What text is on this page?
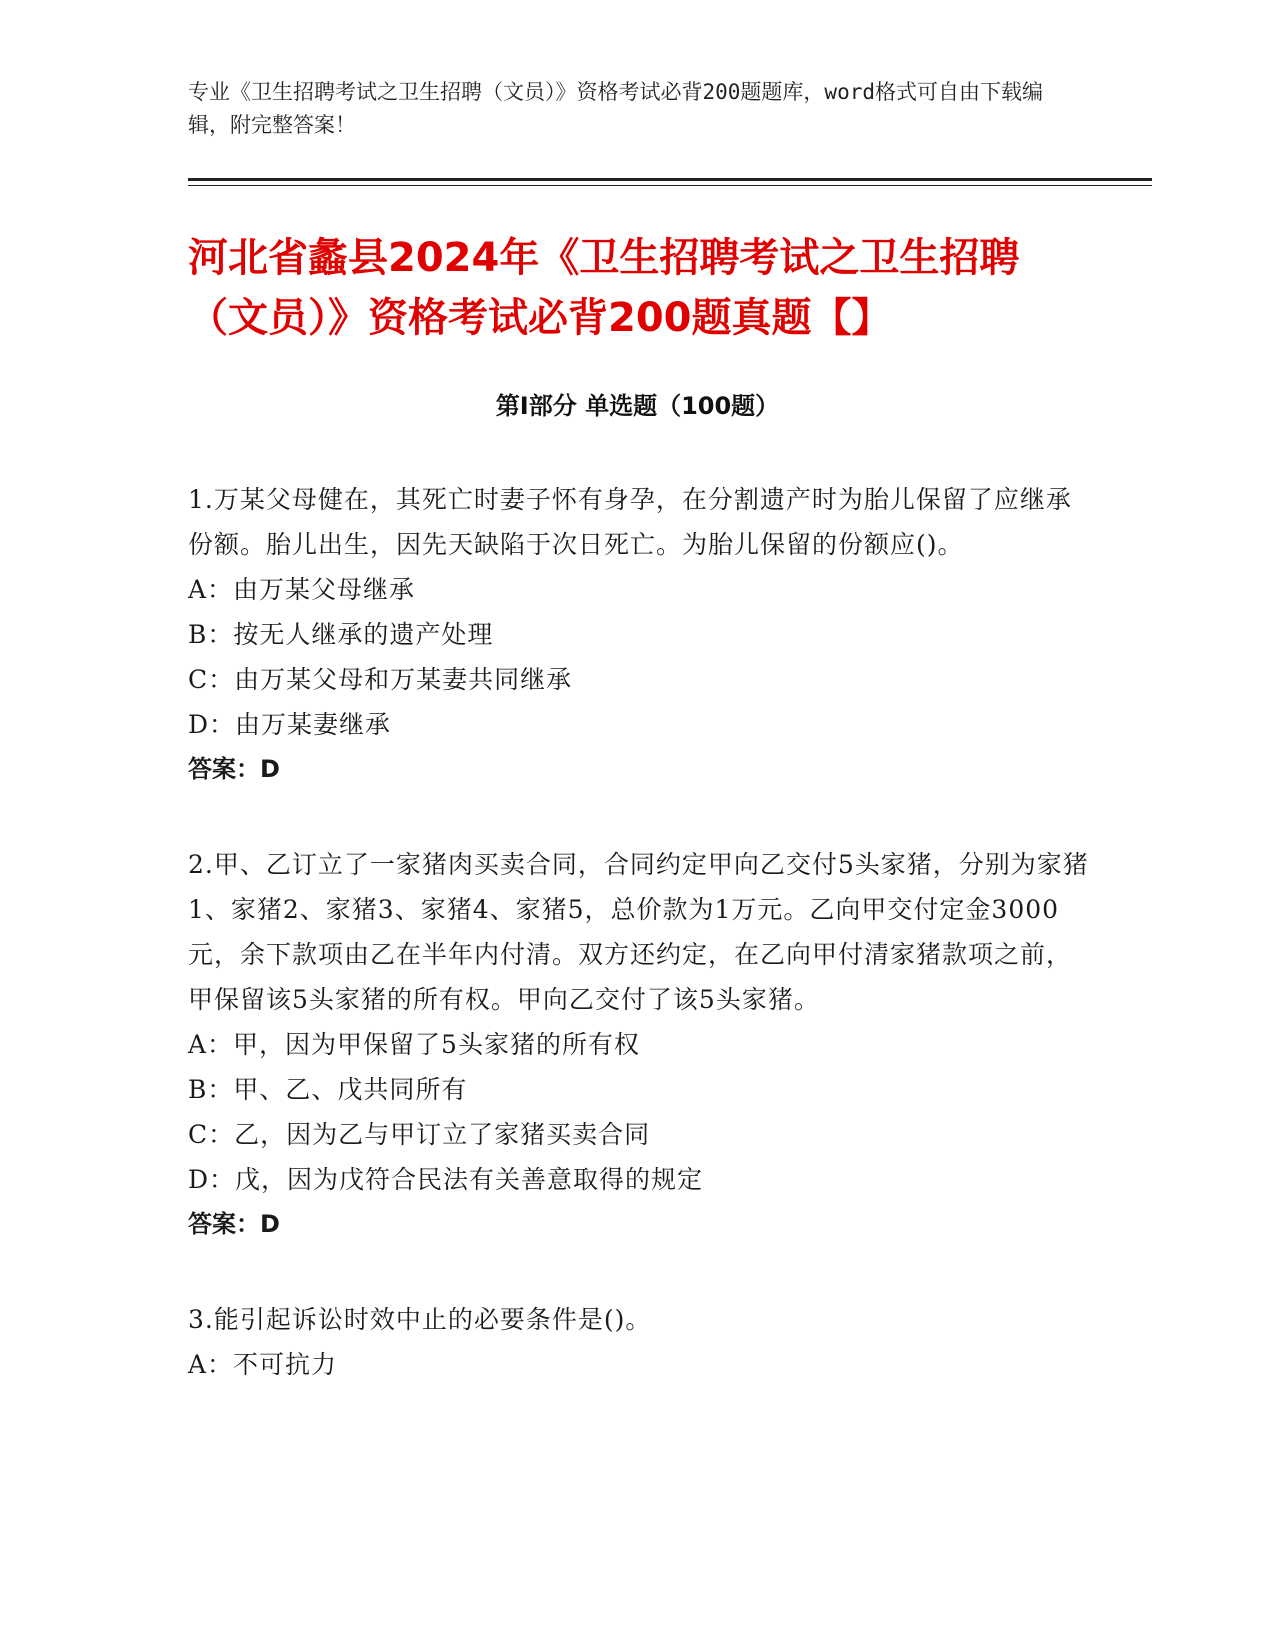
专业《卫生招聘考试之卫生招聘（文员）》资格考试必背200题题库，word格式可自由下载编辑，附完整答案！
河北省蠡县2024年《卫生招聘考试之卫生招聘（文员）》资格考试必背200题真题【】
第Ⅰ部分 单选题（100题）
1.万某父母健在，其死亡时妻子怀有身孕，在分割遗产时为胎儿保留了应继承份额。胎儿出生，因先天缺陷于次日死亡。为胎儿保留的份额应()。
A：由万某父母继承
B：按无人继承的遗产处理
C：由万某父母和万某妻共同继承
D：由万某妻继承
答案：D
2.甲、乙订立了一家猪肉买卖合同，合同约定甲向乙交付5头家猪，分别为家猪1、家猪2、家猪3、家猪4、家猪5，总价款为1万元。乙向甲交付定金3000元，余下款项由乙在半年内付清。双方还约定，在乙向甲付清家猪款项之前，甲保留该5头家猪的所有权。甲向乙交付了该5头家猪。
A：甲，因为甲保留了5头家猪的所有权
B：甲、乙、戊共同所有
C：乙，因为乙与甲订立了家猪买卖合同
D：戊，因为戊符合民法有关善意取得的规定
答案：D
3.能引起诉讼时效中止的必要条件是()。
A：不可抗力
